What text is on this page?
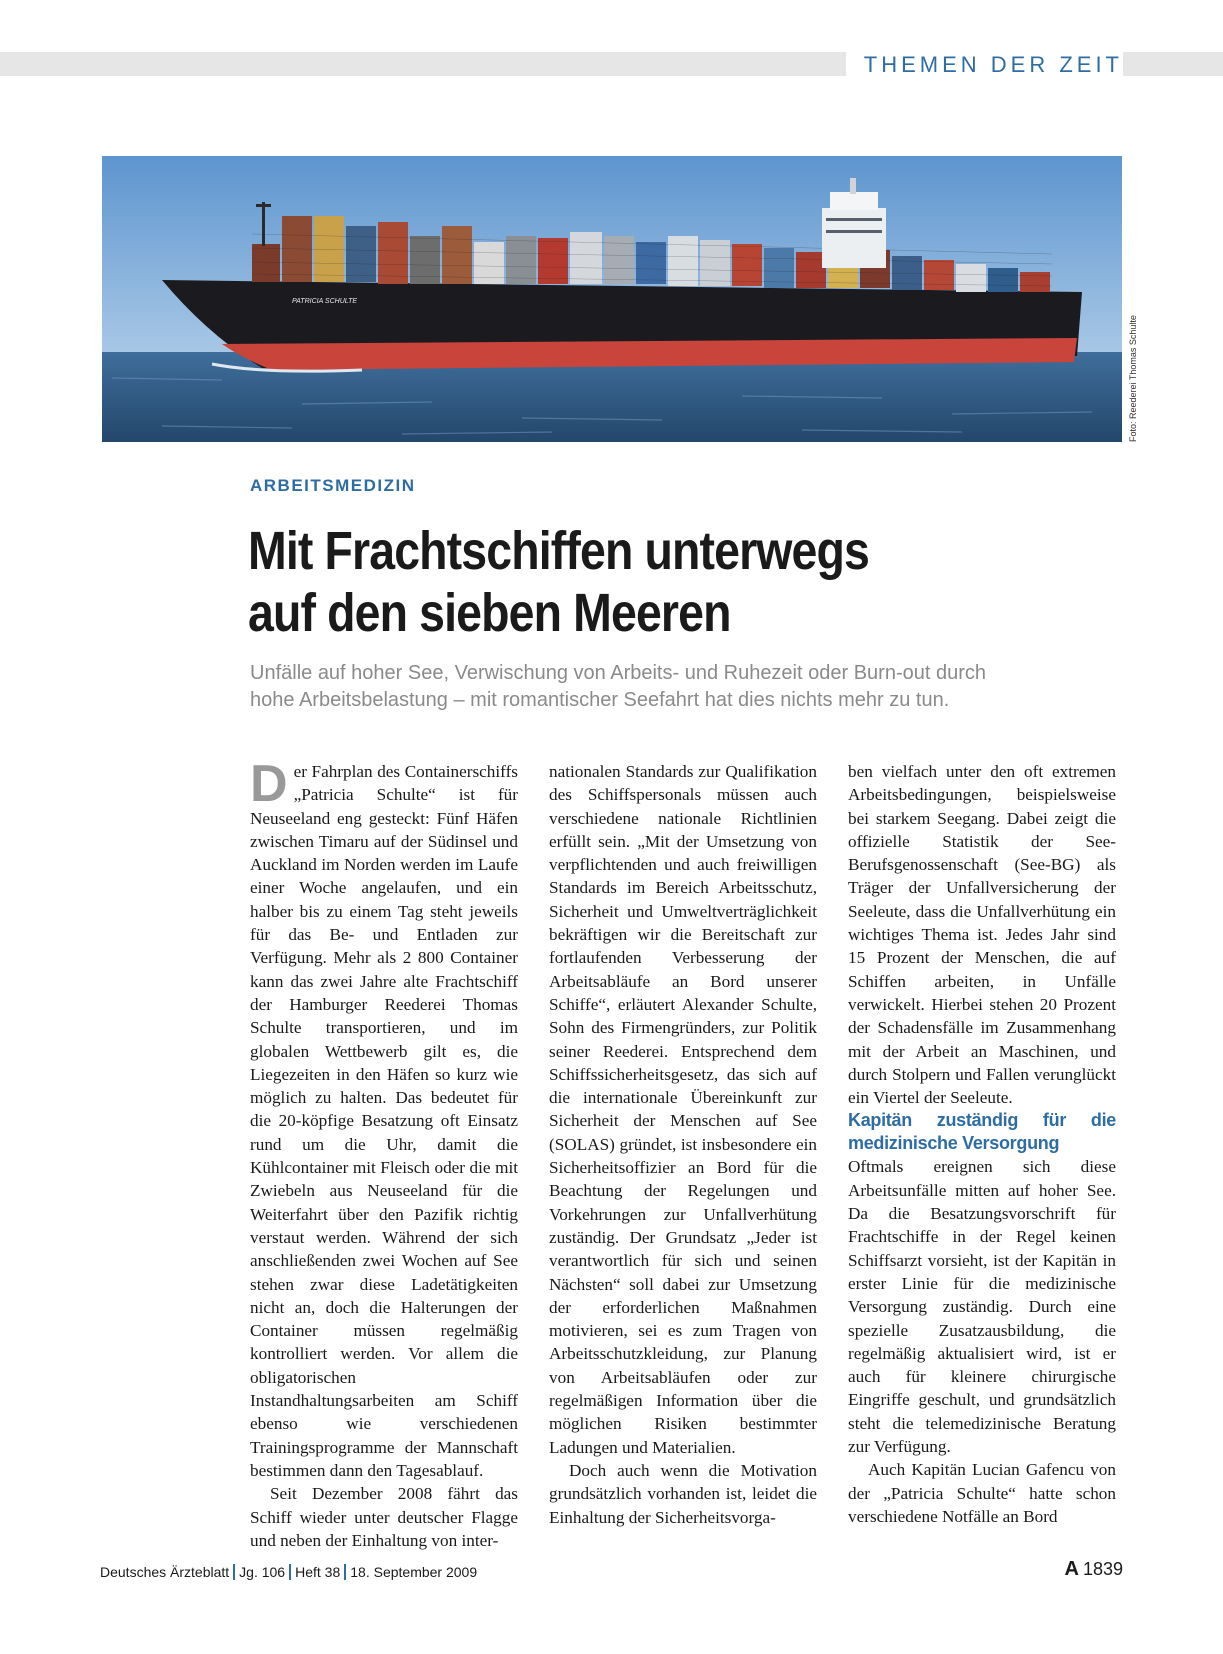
THEMEN DER ZEIT
PATRICIA SCHULTE
Foto: Reederei Thomas Schulte
ARBEITSMEDIZIN
Mit Frachtschiffen unterwegs
auf den sieben Meeren
Unfälle auf hoher See, Verwischung von Arbeits- und Ruhezeit oder Burn-out durch
hohe Arbeitsbelastung – mit romantischer Seefahrt hat dies nichts mehr zu tun.
D er Fahrplan des Containerschiffs „Patricia Schulte“ ist für Neuseeland eng gesteckt: Fünf Häfen zwischen Timaru auf der Südinsel und Auckland im Norden werden im Laufe einer Woche angelaufen, und ein halber bis zu einem Tag steht jeweils für das Be- und Entladen zur Verfügung. Mehr als 2 800 Container kann das zwei Jahre alte Frachtschiff der Hamburger Reederei Thomas Schulte transportieren, und im globalen Wettbewerb gilt es, die Liegezeiten in den Häfen so kurz wie möglich zu halten. Das bedeutet für die 20-köpfige Besatzung oft Einsatz rund um die Uhr, damit die Kühlcontainer mit Fleisch oder die mit Zwiebeln aus Neuseeland für die Weiterfahrt über den Pazifik richtig verstaut werden. Während der sich anschließenden zwei Wochen auf See stehen zwar diese Ladetätigkeiten nicht an, doch die Halterungen der Container müssen regelmäßig kontrolliert werden. Vor allem die obligatorischen Instandhaltungsarbeiten am Schiff ebenso wie verschiedenen Trainingsprogramme der Mannschaft bestimmen dann den Tagesablauf.

Seit Dezember 2008 fährt das Schiff wieder unter deutscher Flagge und neben der Einhaltung von inter-

nationalen Standards zur Qualifikation des Schiffspersonals müssen auch verschiedene nationale Richtlinien erfüllt sein. „Mit der Umsetzung von verpflichtenden und auch freiwilligen Standards im Bereich Arbeitsschutz, Sicherheit und Umweltverträglichkeit bekräftigen wir die Bereitschaft zur fortlaufenden Verbesserung der Arbeitsabläufe an Bord unserer Schiffe“, erläutert Alexander Schulte, Sohn des Firmengründers, zur Politik seiner Reederei. Entsprechend dem Schiffssicherheitsgesetz, das sich auf die internationale Übereinkunft zur Sicherheit der Menschen auf See (SOLAS) gründet, ist insbesondere ein Sicherheitsoffizier an Bord für die Beachtung der Regelungen und Vorkehrungen zur Unfallverhütung zuständig. Der Grundsatz „Jeder ist verantwortlich für sich und seinen Nächsten“ soll dabei zur Umsetzung der erforderlichen Maßnahmen motivieren, sei es zum Tragen von Arbeitsschutzkleidung, zur Planung von Arbeitsabläufen oder zur regelmäßigen Information über die möglichen Risiken bestimmter Ladungen und Materialien.

Doch auch wenn die Motivation grundsätzlich vorhanden ist, leidet die Einhaltung der Sicherheitsvorga-

ben vielfach unter den oft extremen Arbeitsbedingungen, beispielsweise bei starkem Seegang. Dabei zeigt die offizielle Statistik der See-Berufsgenossenschaft (See-BG) als Träger der Unfallversicherung der Seeleute, dass die Unfallverhütung ein wichtiges Thema ist. Jedes Jahr sind 15 Prozent der Menschen, die auf Schiffen arbeiten, in Unfälle verwickelt. Hierbei stehen 20 Prozent der Schadensfälle im Zusammenhang mit der Arbeit an Maschinen, und durch Stolpern und Fallen verunglückt ein Viertel der Seeleute.

Kapitän zuständig für die medizinische Versorgung

Oftmals ereignen sich diese Arbeitsunfälle mitten auf hoher See. Da die Besatzungsvorschrift für Frachtschiffe in der Regel keinen Schiffsarzt vorsieht, ist der Kapitän in erster Linie für die medizinische Versorgung zuständig. Durch eine spezielle Zusatzausbildung, die regelmäßig aktualisiert wird, ist er auch für kleinere chirurgische Eingriffe geschult, und grundsätzlich steht die telemedizinische Beratung zur Verfügung.

Auch Kapitän Lucian Gafencu von der „Patricia Schulte“ hatte schon verschiedene Notfälle an Bord

Deutsches Ärzteblatt Jg. 106 Heft 38 18. September 2009	A 1839
